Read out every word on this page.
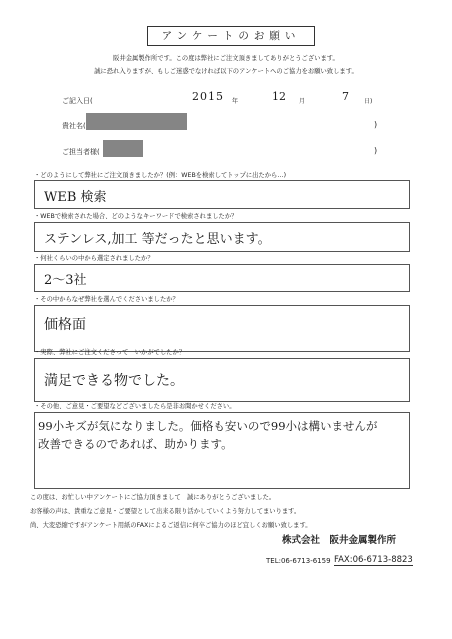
アンケートのお願い
阪井金属製作所です。この度は弊社にご注文頂きましてありがとうございます。
誠に恐れ入りますが、もしご迷惑でなければ以下のアンケートへのご協力をお願い致します。
ご記入日(	2015 年	12 月	7	日)
貴社名(	)
ご担当者様(	)
・どのようにして弊社にご注文頂きましたか？(例：WEBを検索してトップに出たから…)
WEB 検索
・WEBで検索された場合、どのようなキーワードで検索されましたか？
ステンレス,加工 等だったと思います。
・何社くらいの中から選定されましたか？
2～3社
・その中からなぜ弊社を選んでくださいましたか？
価格面
・実際、弊社にご注文くださって　いかがでしたか？
満足できる物でした。
・その他、ご意見・ご要望などございましたら是非お聞かせください。
99小キズが気になりました。価格も安いので99小は構いませんが
改善できるのであれば、助かります。
この度は、お忙しい中アンケートにご協力頂きまして　誠にありがとうございました。
お客様の声は、貴重なご意見・ご要望として出来る限り活かしていくよう努力してまいります。
尚、大変恐縮ですがアンケート用紙のFAXによるご返信に何卒ご協力のほど宜しくお願い致します。
株式会社　阪井金属製作所
TEL:06-6713-6159 FAX:06-6713-8823
